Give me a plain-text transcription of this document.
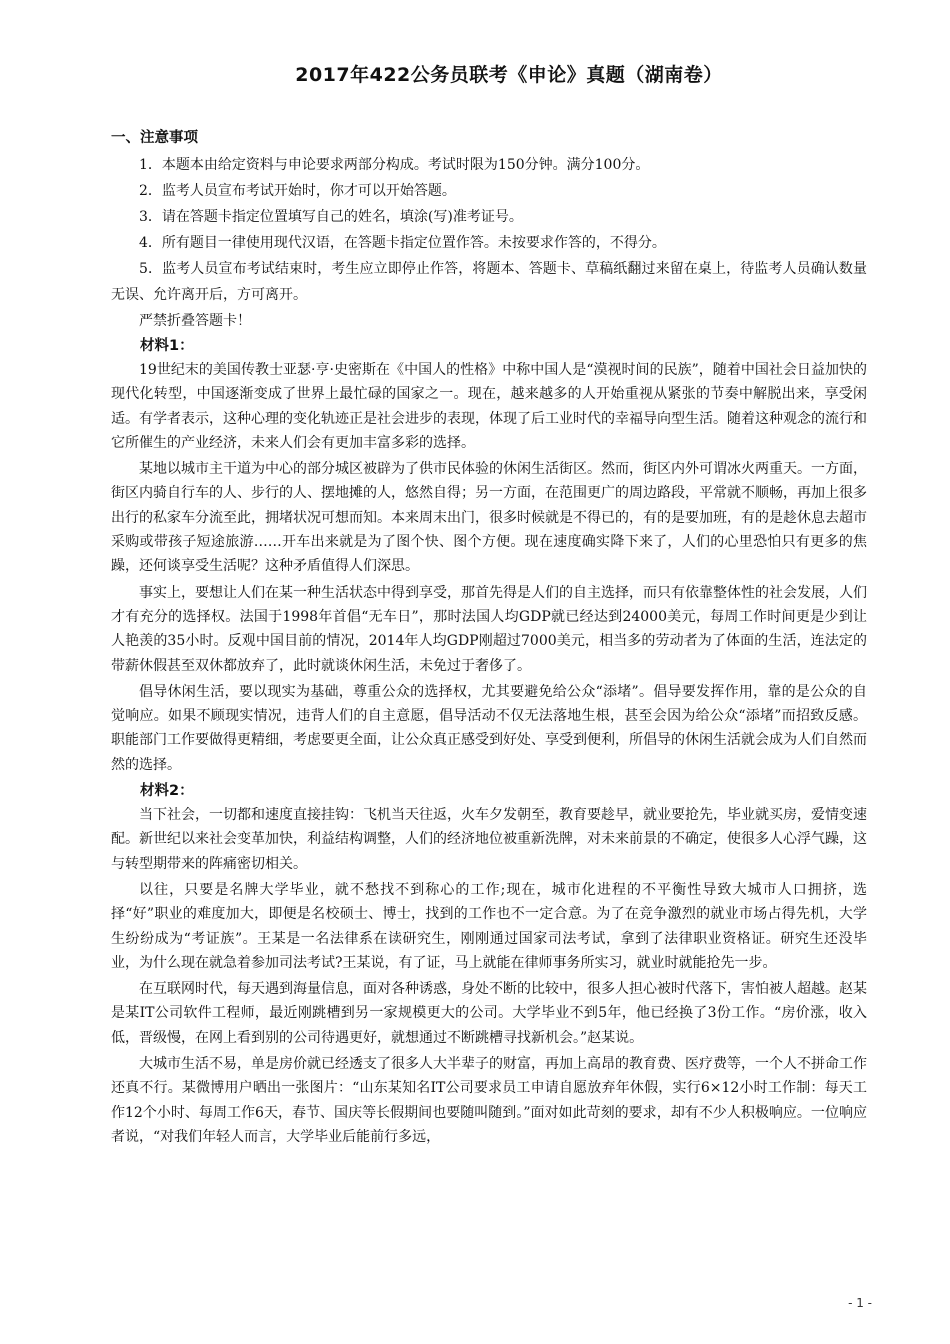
2017年422公务员联考《申论》真题（湖南卷）
一、注意事项

1．本题本由给定资料与申论要求两部分构成。考试时限为150分钟。满分100分。

2．监考人员宣布考试开始时，你才可以开始答题。

3．请在答题卡指定位置填写自己的姓名，填涂(写)准考证号。

4．所有题目一律使用现代汉语，在答题卡指定位置作答。未按要求作答的，不得分。

5．监考人员宣布考试结束时，考生应立即停止作答，将题本、答题卡、草稿纸翻过来留在桌上，待监考人员确认数量无误、允许离开后，方可离开。

严禁折叠答题卡！

材料1：

19世纪末的美国传教士亚瑟·亨·史密斯在《中国人的性格》中称中国人是“漠视时间的民族”，随着中国社会日益加快的现代化转型，中国逐渐变成了世界上最忙碌的国家之一。现在，越来越多的人开始重视从紧张的节奏中解脱出来，享受闲适。有学者表示，这种心理的变化轨迹正是社会进步的表现，体现了后工业时代的幸福导向型生活。随着这种观念的流行和它所催生的产业经济，未来人们会有更加丰富多彩的选择。

某地以城市主干道为中心的部分城区被辟为了供市民体验的休闲生活街区。然而，街区内外可谓冰火两重天。一方面，街区内骑自行车的人、步行的人、摆地摊的人，悠然自得；另一方面，在范围更广的周边路段，平常就不顺畅，再加上很多出行的私家车分流至此，拥堵状况可想而知。本来周末出门，很多时候就是不得已的，有的是要加班，有的是趁休息去超市采购或带孩子短途旅游……开车出来就是为了图个快、图个方便。现在速度确实降下来了，人们的心里恐怕只有更多的焦躁，还何谈享受生活呢？这种矛盾值得人们深思。

事实上，要想让人们在某一种生活状态中得到享受，那首先得是人们的自主选择，而只有依靠整体性的社会发展，人们才有充分的选择权。法国于1998年首倡“无车日”，那时法国人均GDP就已经达到24000美元，每周工作时间更是少到让人艳羡的35小时。反观中国目前的情况，2014年人均GDP刚超过7000美元，相当多的劳动者为了体面的生活，连法定的带薪休假甚至双休都放弃了，此时就谈休闲生活，未免过于奢侈了。

倡导休闲生活，要以现实为基础，尊重公众的选择权，尤其要避免给公众“添堵”。倡导要发挥作用，靠的是公众的自觉响应。如果不顾现实情况，违背人们的自主意愿，倡导活动不仅无法落地生根，甚至会因为给公众“添堵”而招致反感。职能部门工作要做得更精细，考虑要更全面，让公众真正感受到好处、享受到便利，所倡导的休闲生活就会成为人们自然而然的选择。

材料2：

当下社会，一切都和速度直接挂钩：飞机当天往返，火车夕发朝至，教育要趁早，就业要抢先，毕业就买房，爱情变速配。新世纪以来社会变革加快，利益结构调整，人们的经济地位被重新洗牌，对未来前景的不确定，使很多人心浮气躁，这与转型期带来的阵痛密切相关。

以往，只要是名牌大学毕业，就不愁找不到称心的工作;现在，城市化进程的不平衡性导致大城市人口拥挤，选择“好”职业的难度加大，即便是名校硕士、博士，找到的工作也不一定合意。为了在竞争激烈的就业市场占得先机，大学生纷纷成为“考证族”。王某是一名法律系在读研究生，刚刚通过国家司法考试，拿到了法律职业资格证。研究生还没毕业，为什么现在就急着参加司法考试?王某说，有了证，马上就能在律师事务所实习，就业时就能抢先一步。

在互联网时代，每天遇到海量信息，面对各种诱惑，身处不断的比较中，很多人担心被时代落下，害怕被人超越。赵某是某IT公司软件工程师，最近刚跳槽到另一家规模更大的公司。大学毕业不到5年，他已经换了3份工作。“房价涨，收入低，晋级慢，在网上看到别的公司待遇更好，就想通过不断跳槽寻找新机会。”赵某说。

大城市生活不易，单是房价就已经透支了很多人大半辈子的财富，再加上高昂的教育费、医疗费等，一个人不拼命工作还真不行。某微博用户晒出一张图片：“山东某知名IT公司要求员工申请自愿放弃年休假，实行6×12小时工作制：每天工作12个小时、每周工作6天，春节、国庆等长假期间也要随叫随到。”面对如此苛刻的要求，却有不少人积极响应。一位响应者说，“对我们年轻人而言，大学毕业后能前行多远，

- 1 -
